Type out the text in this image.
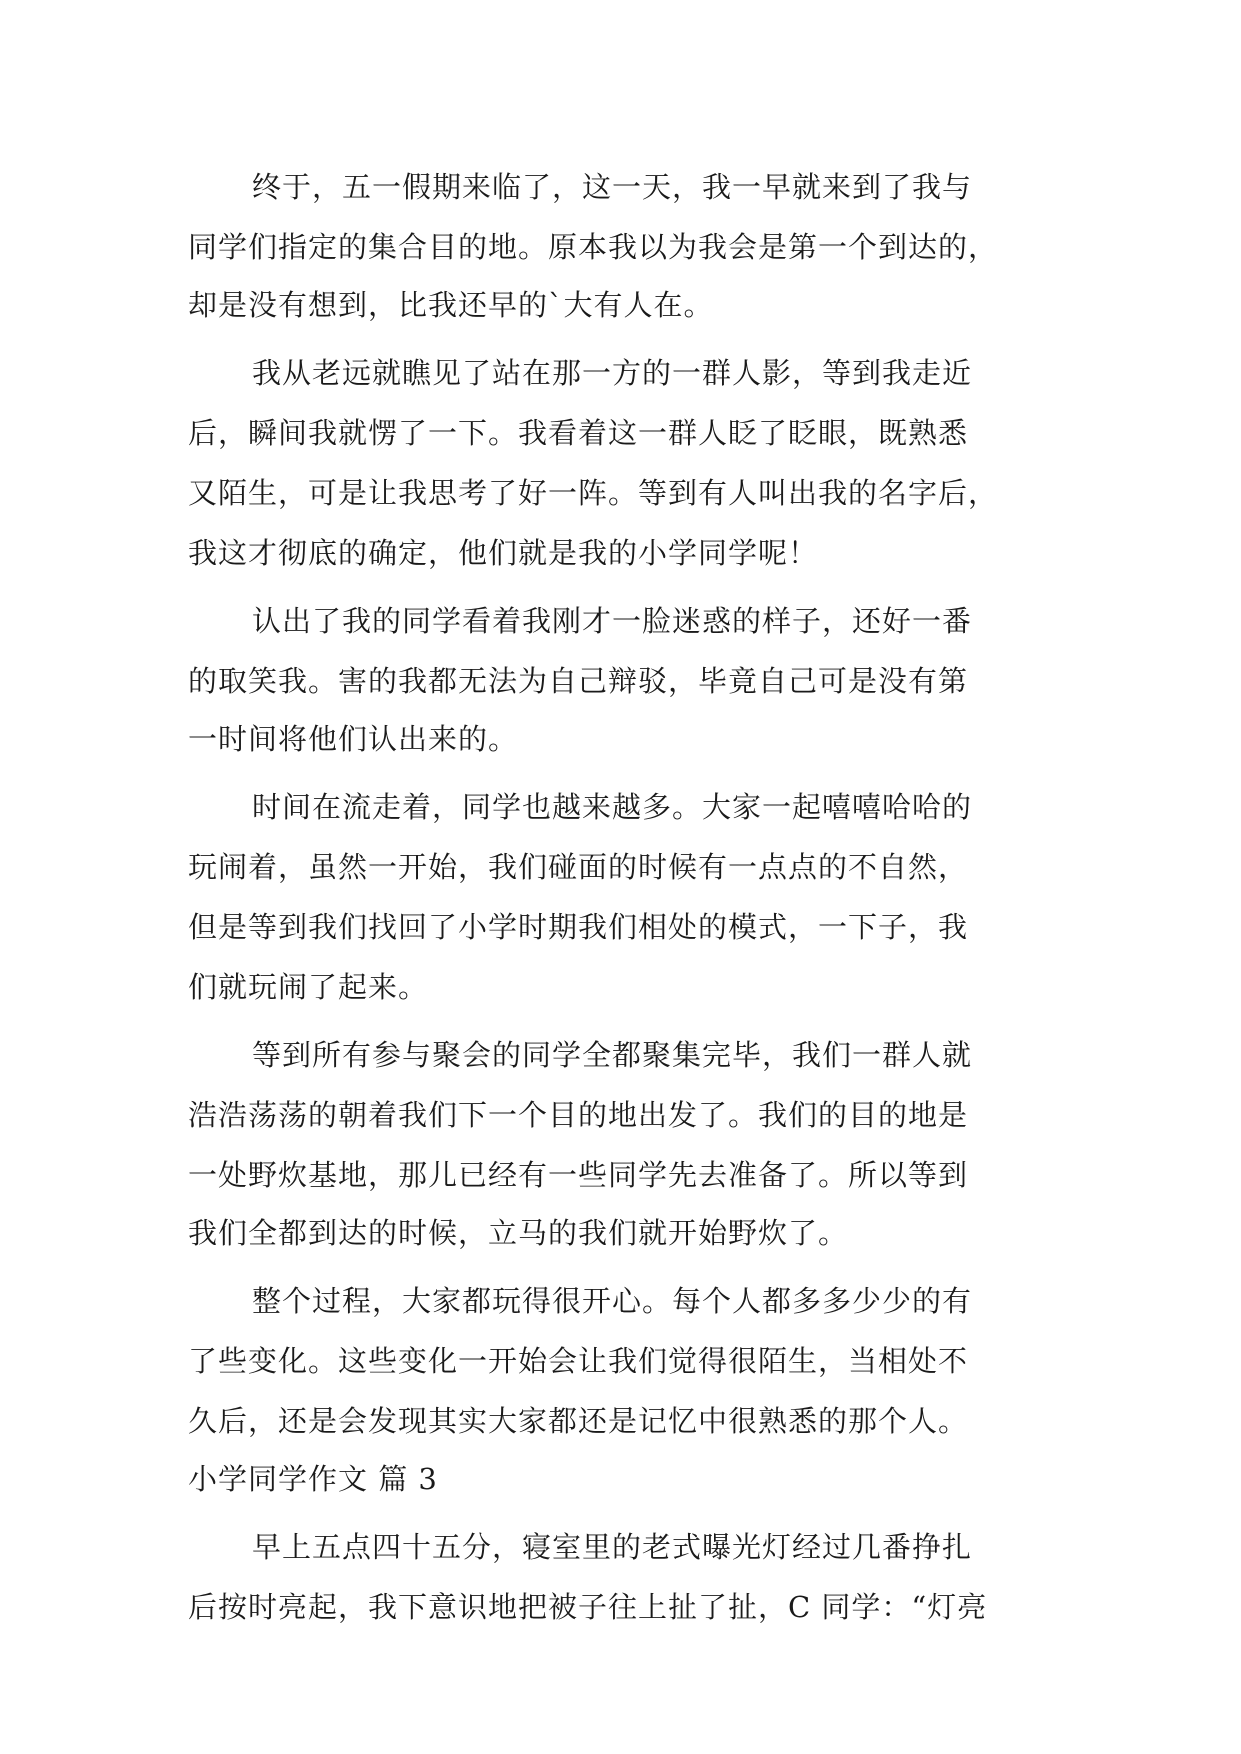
终于，五一假期来临了，这一天，我一早就来到了我与
同学们指定的集合目的地。原本我以为我会是第一个到达的，
却是没有想到，比我还早的`大有人在。
我从老远就瞧见了站在那一方的一群人影，等到我走近
后，瞬间我就愣了一下。我看着这一群人眨了眨眼，既熟悉
又陌生，可是让我思考了好一阵。等到有人叫出我的名字后，
我这才彻底的确定，他们就是我的小学同学呢！
认出了我的同学看着我刚才一脸迷惑的样子，还好一番
的取笑我。害的我都无法为自己辩驳，毕竟自己可是没有第
一时间将他们认出来的。
时间在流走着，同学也越来越多。大家一起嘻嘻哈哈的
玩闹着，虽然一开始，我们碰面的时候有一点点的不自然，
但是等到我们找回了小学时期我们相处的模式，一下子，我
们就玩闹了起来。
等到所有参与聚会的同学全都聚集完毕，我们一群人就
浩浩荡荡的朝着我们下一个目的地出发了。我们的目的地是
一处野炊基地，那儿已经有一些同学先去准备了。所以等到
我们全都到达的时候，立马的我们就开始野炊了。
整个过程，大家都玩得很开心。每个人都多多少少的有
了些变化。这些变化一开始会让我们觉得很陌生，当相处不
久后，还是会发现其实大家都还是记忆中很熟悉的那个人。
小学同学作文 篇 3
早上五点四十五分，寝室里的老式曝光灯经过几番挣扎
后按时亮起，我下意识地把被子往上扯了扯，C 同学：“灯亮
